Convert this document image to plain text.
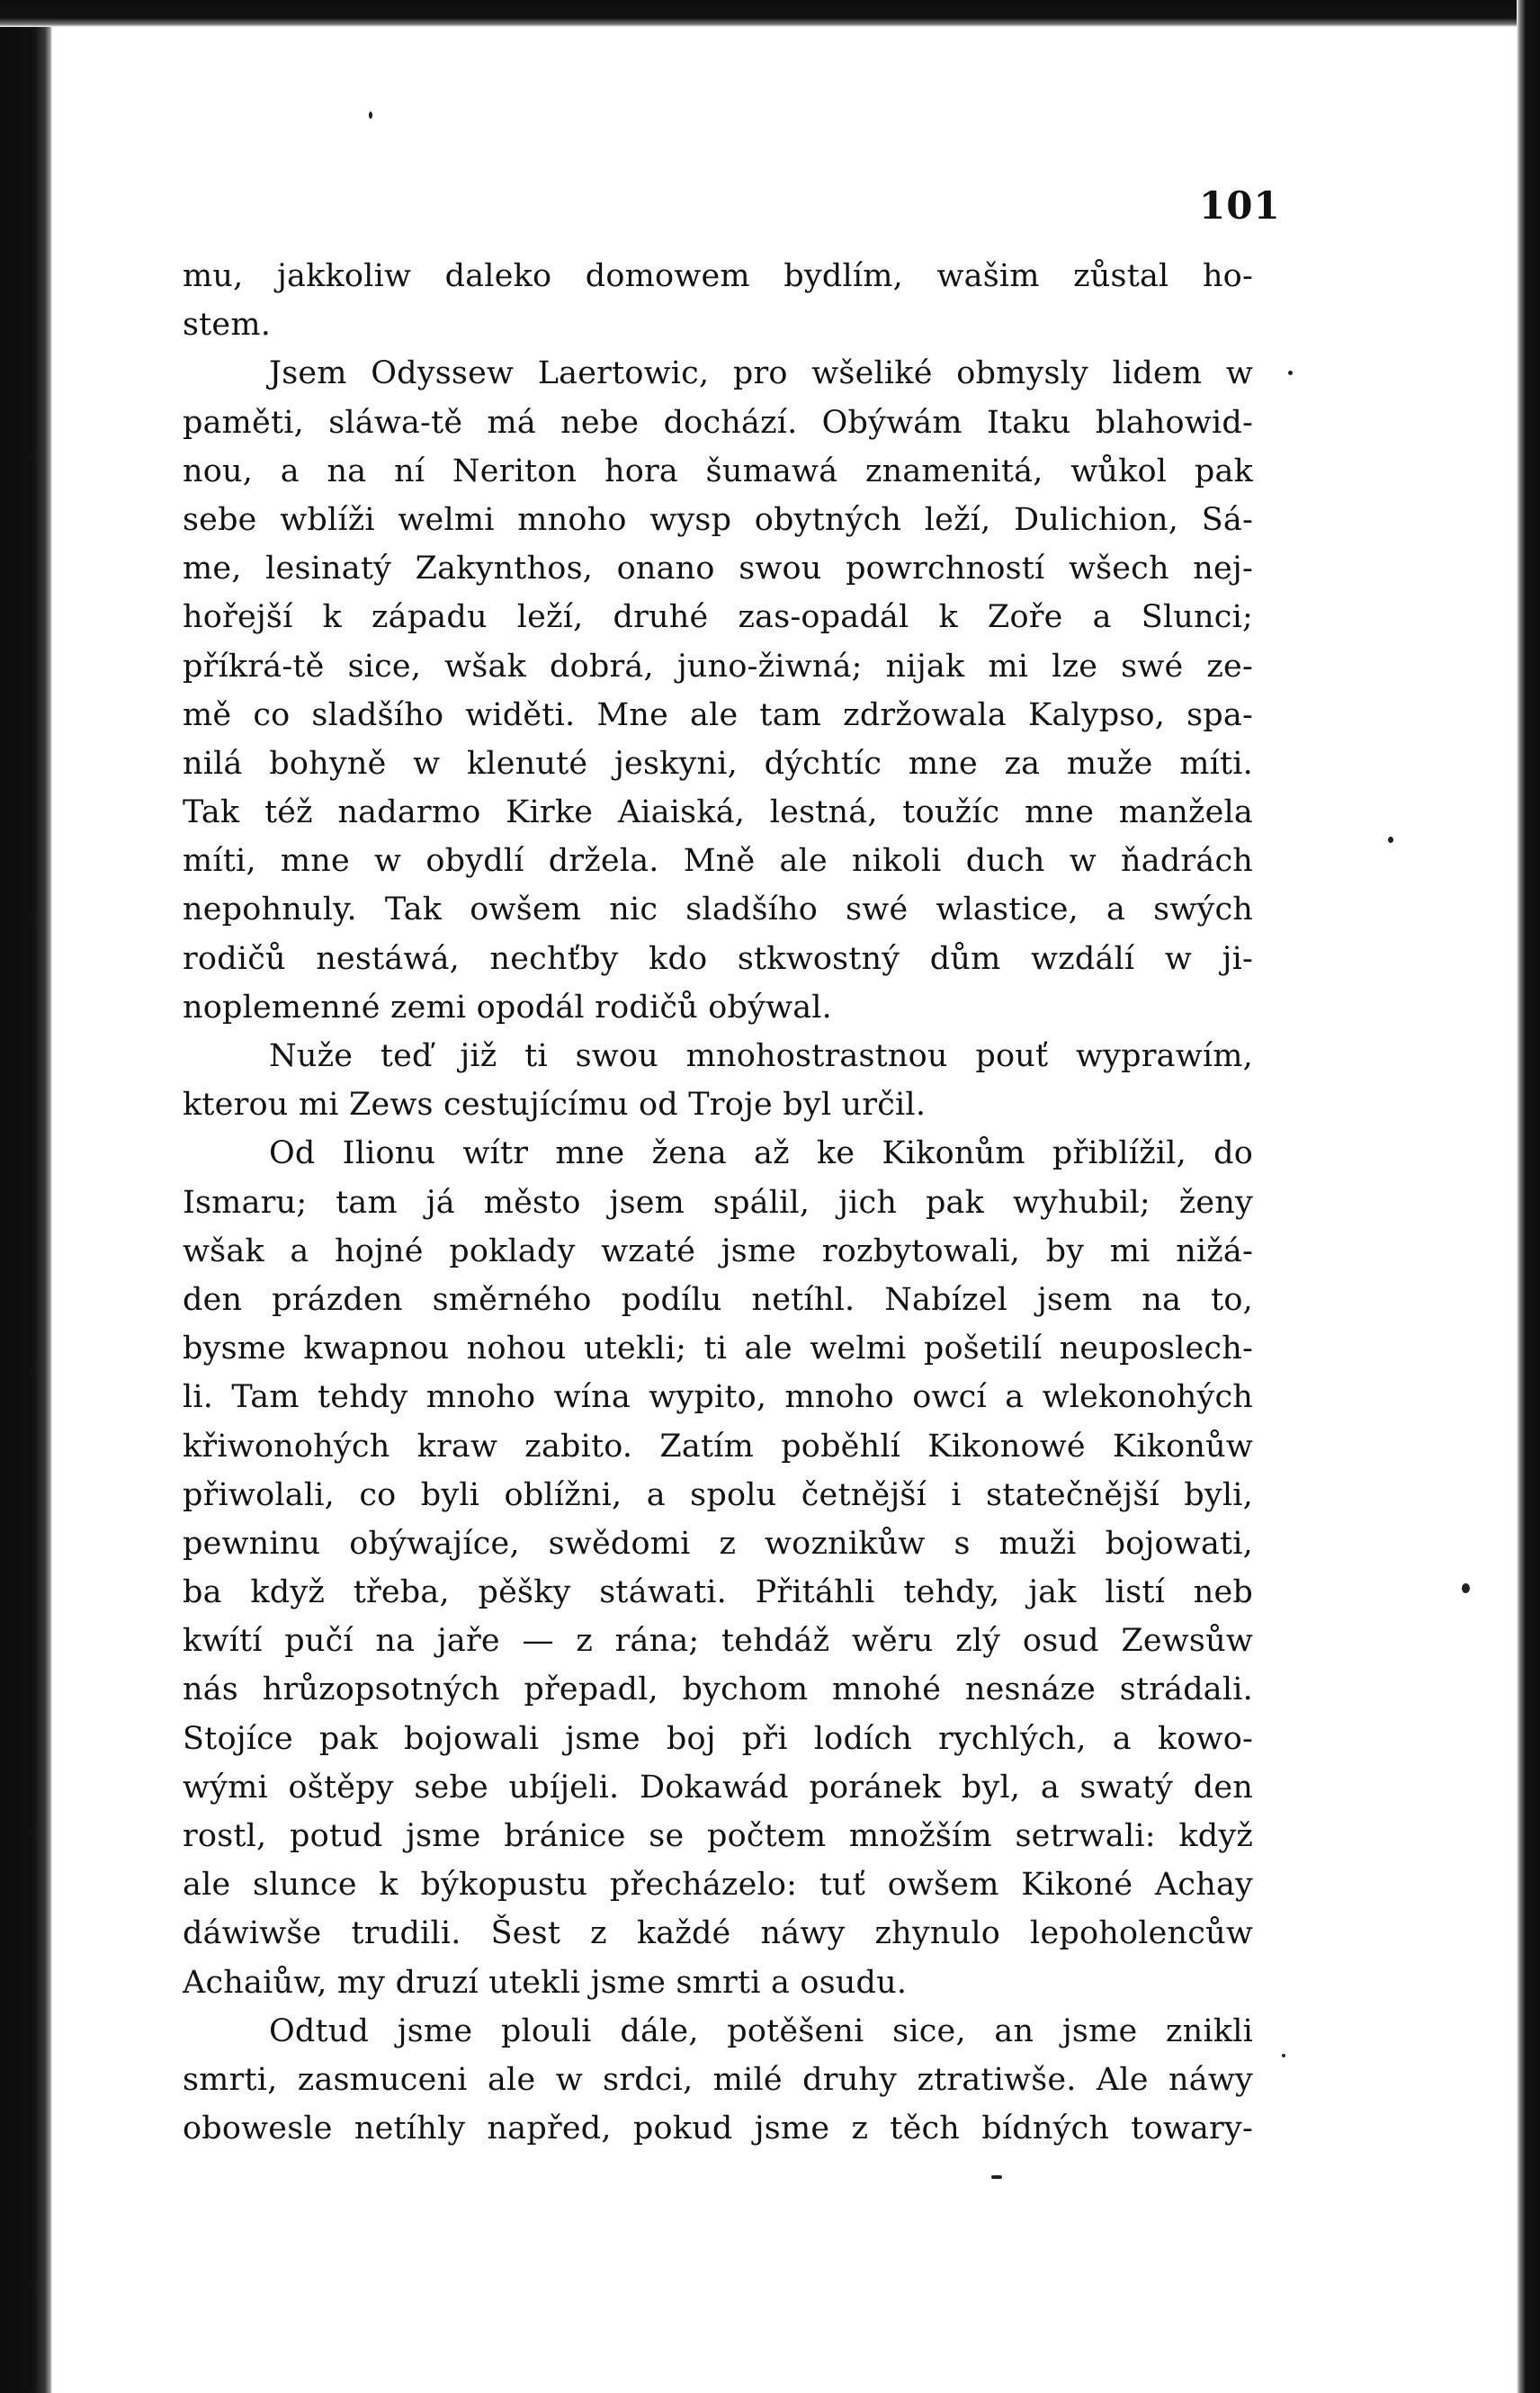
101
mu, jakkoliw daleko domowem bydlím, wašim zůstal ho-
stem.
Jsem Odyssew Laertowic, pro wšeliké obmysly lidem w
paměti, sláwa-tě má nebe dochází. Obýwám Itaku blahowid-
nou, a na ní Neriton hora šumawá znamenitá, wůkol pak
sebe wblíži welmi mnoho wysp obytných leží, Dulichion, Sá-
me, lesinatý Zakynthos, onano swou powrchností wšech nej-
hořejší k západu leží, druhé zas-opadál k Zoře a Slunci;
příkrá-tě sice, wšak dobrá, juno-žiwná; nijak mi lze swé ze-
mě co sladšího widěti. Mne ale tam zdržowala Kalypso, spa-
nilá bohyně w klenuté jeskyni, dýchtíc mne za muže míti.
Tak též nadarmo Kirke Aiaiská, lestná, toužíc mne manžela
míti, mne w obydlí držela. Mně ale nikoli duch w ňadrách
nepohnuly. Tak owšem nic sladšího swé wlastice, a swých
rodičů nestáwá, nechťby kdo stkwostný dům wzdálí w ji-
noplemenné zemi opodál rodičů obýwal.
Nuže teď již ti swou mnohostrastnou pouť wyprawím,
kterou mi Zews cestujícímu od Troje byl určil.
Od Ilionu wítr mne žena až ke Kikonům přiblížil, do
Ismaru; tam já město jsem spálil, jich pak wyhubil; ženy
wšak a hojné poklady wzaté jsme rozbytowali, by mi nižá-
den prázden směrného podílu netíhl. Nabízel jsem na to,
bysme kwapnou nohou utekli; ti ale welmi pošetilí neuposlech-
li. Tam tehdy mnoho wína wypito, mnoho owcí a wlekonohých
křiwonohých kraw zabito. Zatím poběhlí Kikonowé Kikonůw
přiwolali, co byli oblížni, a spolu četnější i statečnější byli,
pewninu obýwajíce, swědomi z woznikůw s muži bojowati,
ba když třeba, pěšky stáwati. Přitáhli tehdy, jak listí neb
kwítí pučí na jaře — z rána; tehdáž wěru zlý osud Zewsůw
nás hrůzopsotných přepadl, bychom mnohé nesnáze strádali.
Stojíce pak bojowali jsme boj při lodích rychlých, a kowo-
wými oštěpy sebe ubíjeli. Dokawád poránek byl, a swatý den
rostl, potud jsme bránice se počtem množším setrwali: když
ale slunce k býkopustu přecházelo: tuť owšem Kikoné Achay
dáwiwše trudili. Šest z každé náwy zhynulo lepoholencůw
Achaiůw, my druzí utekli jsme smrti a osudu.
Odtud jsme plouli dále, potěšeni sice, an jsme znikli
smrti, zasmuceni ale w srdci, milé druhy ztratiwše. Ale náwy
obowesle netíhly napřed, pokud jsme z těch bídných towary-
